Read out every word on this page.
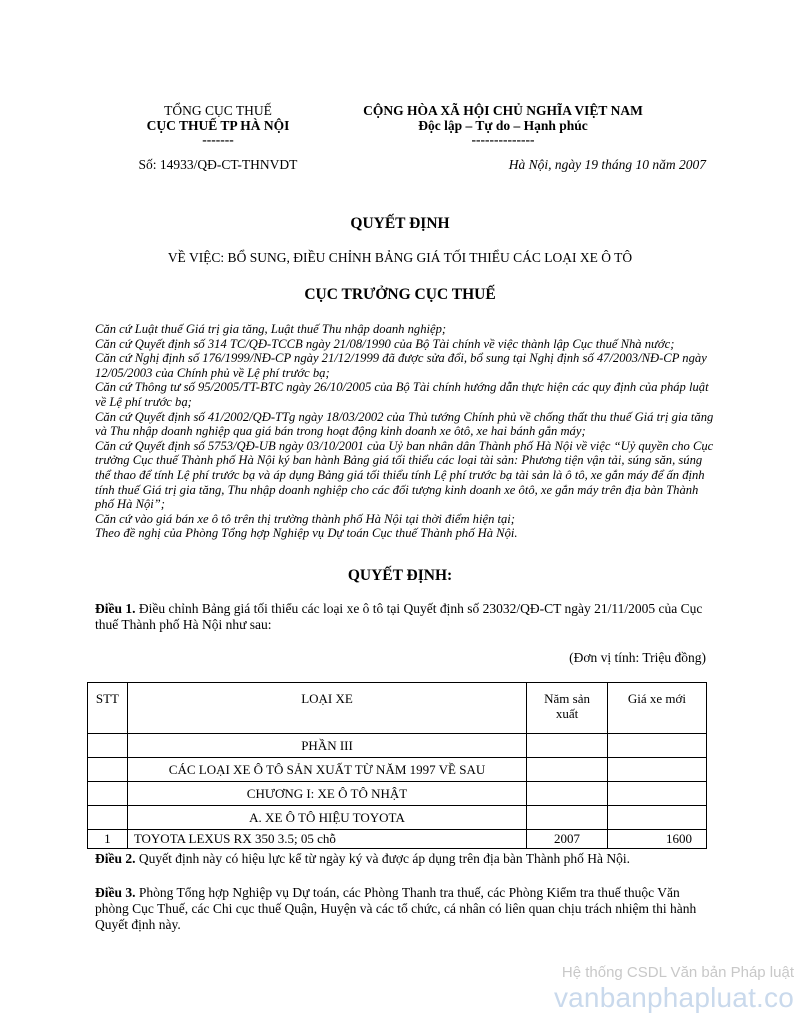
TỔNG CỤC THUẾ
CỤC THUẾ TP HÀ NỘI
-------
Số: 14933/QĐ-CT-THNVDT
CỘNG HÒA XÃ HỘI CHỦ NGHĨA VIỆT NAM
Độc lập – Tự do – Hạnh phúc
--------------
Hà Nội, ngày 19 tháng 10 năm 2007
QUYẾT ĐỊNH
VỀ VIỆC: BỔ SUNG, ĐIỀU CHỈNH BẢNG GIÁ TỐI THIỂU CÁC LOẠI XE Ô TÔ
CỤC TRƯỞNG CỤC THUẾ

Căn cứ Luật thuế Giá trị gia tăng, Luật thuế Thu nhập doanh nghiệp;

Căn cứ Quyết định số 314 TC/QĐ-TCCB ngày 21/08/1990 của Bộ Tài chính về việc thành lập Cục thuế Nhà nước;

Căn cứ Nghị định số 176/1999/NĐ-CP ngày 21/12/1999 đã được sửa đổi, bổ sung tại Nghị định số 47/2003/NĐ-CP ngày 12/05/2003 của Chính phủ về Lệ phí trước bạ;

Căn cứ Thông tư số 95/2005/TT-BTC ngày 26/10/2005 của Bộ Tài chính hướng dẫn thực hiện các quy định của pháp luật về Lệ phí trước bạ;

Căn cứ Quyết định số 41/2002/QĐ-TTg ngày 18/03/2002 của Thủ tướng Chính phủ về chống thất thu thuế Giá trị gia tăng và Thu nhập doanh nghiệp qua giá bán trong hoạt động kinh doanh xe ôtô, xe hai bánh gắn máy;

Căn cứ Quyết định số 5753/QĐ-UB ngày 03/10/2001 của Uỷ ban nhân dân Thành phố Hà Nội về việc “Uỷ quyền cho Cục trưởng Cục thuế Thành phố Hà Nội ký ban hành Bảng giá tối thiểu các loại tài sản: Phương tiện vận tải, súng săn, súng thể thao để tính Lệ phí trước bạ và áp dụng Bảng giá tối thiểu tính Lệ phí trước bạ tài sản là ô tô, xe gắn máy để ấn định tính thuế Giá trị gia tăng, Thu nhập doanh nghiệp cho các đối tượng kinh doanh xe ôtô, xe gắn máy trên địa bàn Thành phố Hà Nội”;

Căn cứ vào giá bán xe ô tô trên thị trường thành phố Hà Nội tại thời điểm hiện tại;

Theo đề nghị của Phòng Tổng hợp Nghiệp vụ Dự toán Cục thuế Thành phố Hà Nội.

QUYẾT ĐỊNH:
Điều 1. Điều chỉnh Bảng giá tối thiểu các loại xe ô tô tại Quyết định số 23032/QĐ-CT ngày 21/11/2005 của Cục thuế Thành phố Hà Nội như sau:
(Đơn vị tính: Triệu đồng)
STT	LOẠI XE	Năm sản xuất	Giá xe mới
	PHẦN III		
	CÁC LOẠI XE Ô TÔ SẢN XUẤT TỪ NĂM 1997 VỀ SAU		
	CHƯƠNG I: XE Ô TÔ NHẬT		
	A. XE Ô TÔ HIỆU TOYOTA		
1	TOYOTA LEXUS RX 350 3.5; 05 chỗ	2007	1600
Điều 2. Quyết định này có hiệu lực kể từ ngày ký và được áp dụng trên địa bàn Thành phố Hà Nội.
Điều 3. Phòng Tổng hợp Nghiệp vụ Dự toán, các Phòng Thanh tra thuế, các Phòng Kiểm tra thuế thuộc Văn phòng Cục Thuế, các Chi cục thuế Quận, Huyện và các tổ chức, cá nhân có liên quan chịu trách nhiệm thi hành Quyết định này.
Hệ thống CSDL Văn bản Pháp luật
vanbanphapluat.co
